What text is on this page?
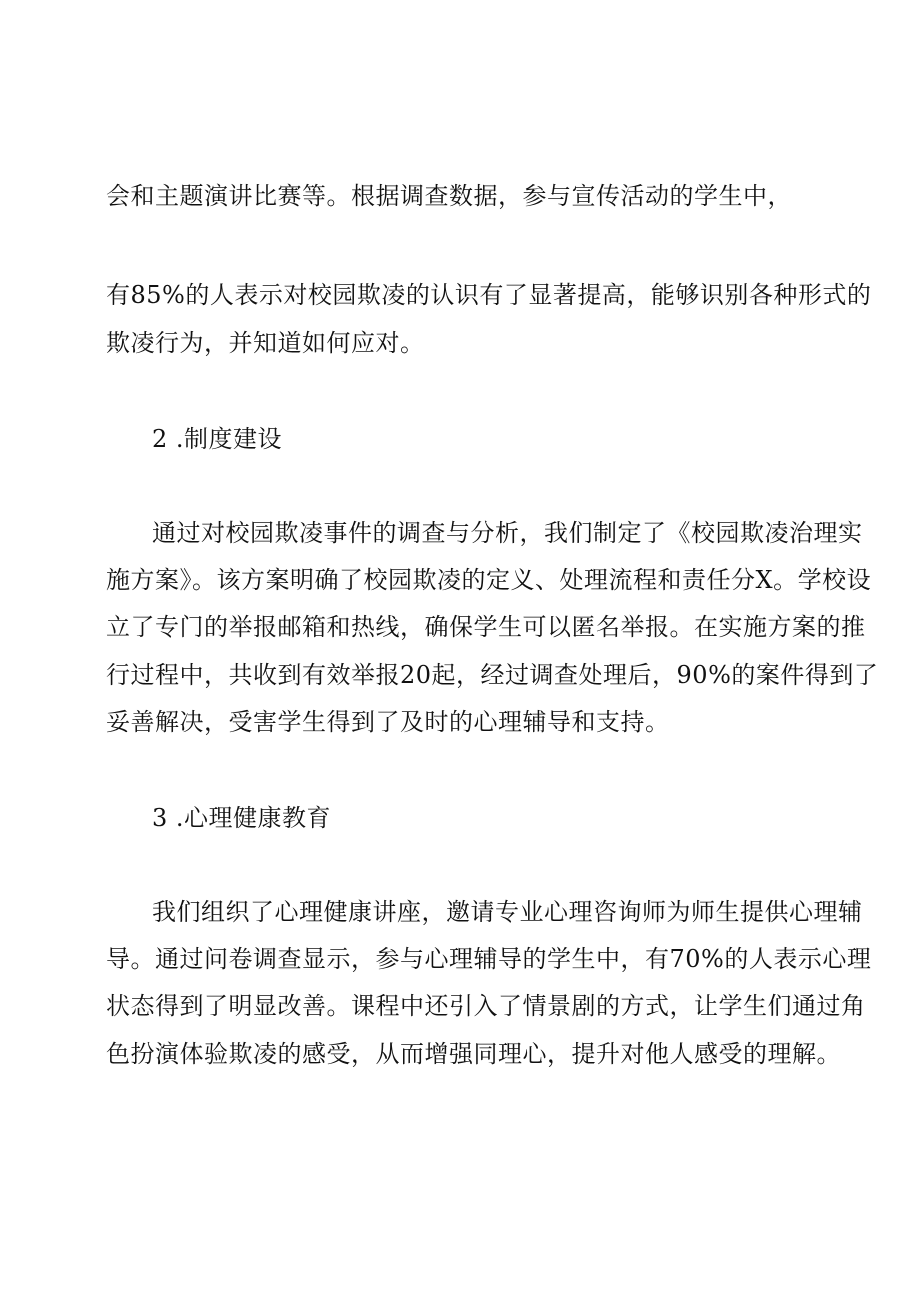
会和主题演讲比赛等。根据调查数据，参与宣传活动的学生中，
有85%的人表示对校园欺凌的认识有了显著提高，能够识别各种形式的
欺凌行为，并知道如何应对。
2 .制度建设
通过对校园欺凌事件的调查与分析，我们制定了《校园欺凌治理实
施方案》。该方案明确了校园欺凌的定义、处理流程和责任分X。学校设
立了专门的举报邮箱和热线，确保学生可以匿名举报。在实施方案的推
行过程中，共收到有效举报20起，经过调查处理后，90%的案件得到了
妥善解决，受害学生得到了及时的心理辅导和支持。
3 .心理健康教育
我们组织了心理健康讲座，邀请专业心理咨询师为师生提供心理辅
导。通过问卷调查显示，参与心理辅导的学生中，有70%的人表示心理
状态得到了明显改善。课程中还引入了情景剧的方式，让学生们通过角
色扮演体验欺凌的感受，从而增强同理心，提升对他人感受的理解。
